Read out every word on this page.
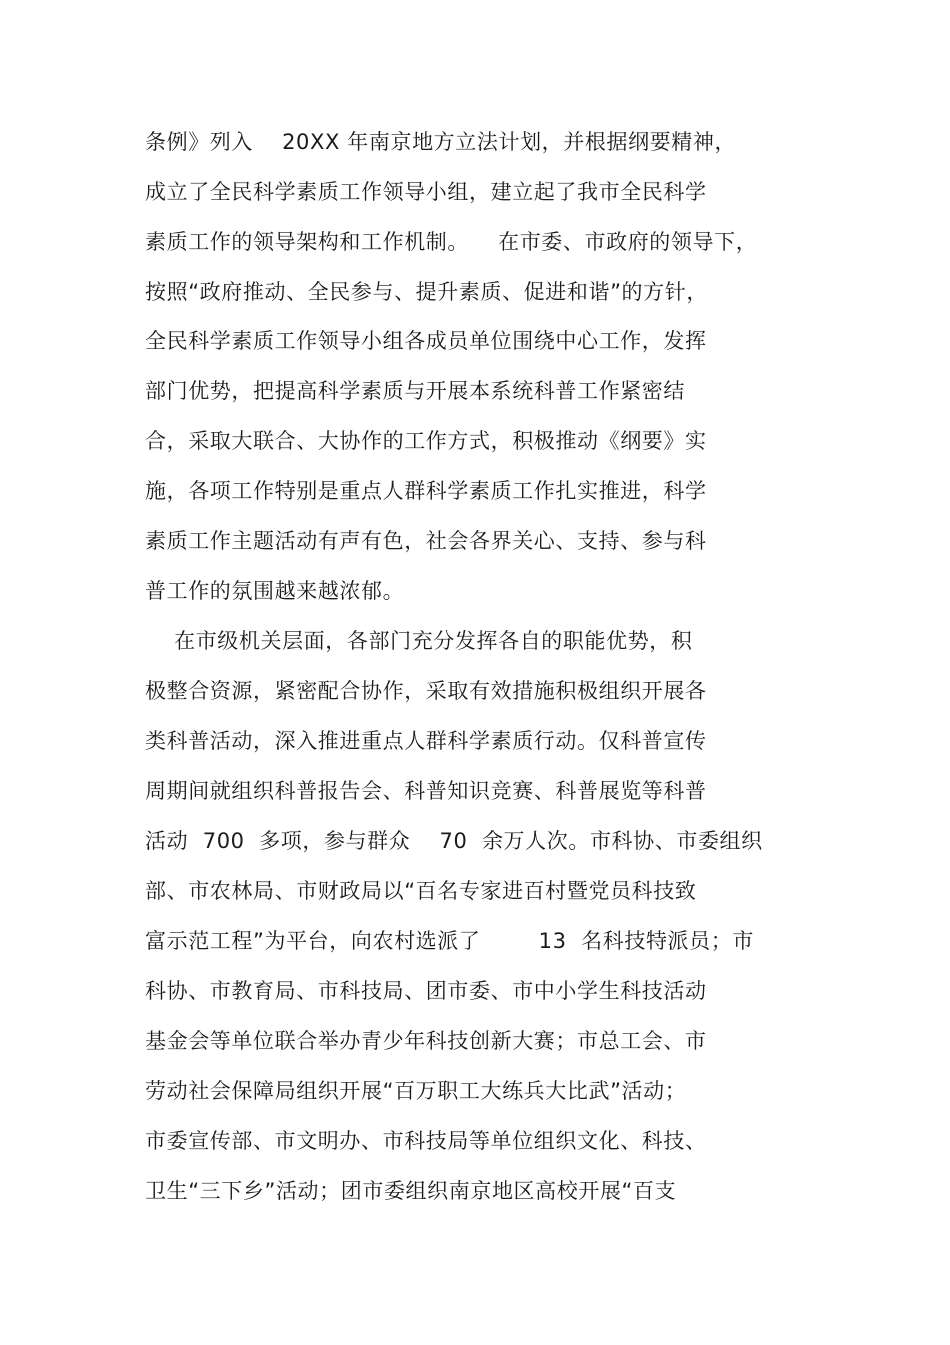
条例》列入    20XX 年南京地方立法计划，并根据纲要精神，
成立了全民科学素质工作领导小组，建立起了我市全民科学
素质工作的领导架构和工作机制。    在市委、市政府的领导下，
按照“政府推动、全民参与、提升素质、促进和谐”的方针，
全民科学素质工作领导小组各成员单位围绕中心工作，发挥
部门优势，把提高科学素质与开展本系统科普工作紧密结
合，采取大联合、大协作的工作方式，积极推动《纲要》实
施，各项工作特别是重点人群科学素质工作扎实推进，科学
素质工作主题活动有声有色，社会各界关心、支持、参与科
普工作的氛围越来越浓郁。
在市级机关层面，各部门充分发挥各自的职能优势，积
极整合资源，紧密配合协作，采取有效措施积极组织开展各
类科普活动，深入推进重点人群科学素质行动。仅科普宣传
周期间就组织科普报告会、科普知识竞赛、科普展览等科普
活动  700  多项，参与群众    70  余万人次。市科协、市委组织
部、市农林局、市财政局以“百名专家进百村暨党员科技致
富示范工程”为平台，向农村选派了        13  名科技特派员；市
科协、市教育局、市科技局、团市委、市中小学生科技活动
基金会等单位联合举办青少年科技创新大赛；市总工会、市
劳动社会保障局组织开展“百万职工大练兵大比武”活动；
市委宣传部、市文明办、市科技局等单位组织文化、科技、
卫生“三下乡”活动；团市委组织南京地区高校开展“百支
